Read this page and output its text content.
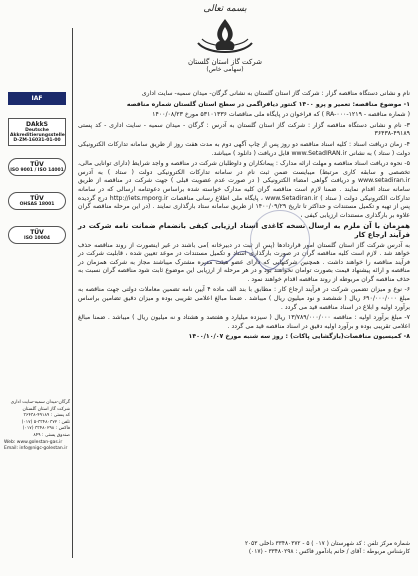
بسمه تعالی
شرکت گاز استان گلستان
(سهامی خاص)
IAF
DAkkS
Deutsche Akkreditierungsstelle D-ZM-16031-01-00
TÜV
ISO 9001 / ISO 14001
TÜV
OHSAS 18001
TÜV
ISO 10004
گرگان-میدان سمیه-سایت اداری
شرکت گاز استان گلستان
کد پستی : ۴۹۱۸۹-۳۶۴۳۸
تلفن : ۳۳۴۸۰۳۷۲-۵ (۰۱۷)
فاکس : ۳۳۴۸۰۲۹۸ (۰۱۷)
صندوق پستی : ۸۴۹
Web: www.golestan-gas.ir
Email: info@nigc-golestan.ir

نام و نشانی دستگاه مناقصه گزار : شرکت گاز استان گلستان به نشانی گرگان- میدان سمیه- سایت اداری

۱- موضوع مناقصه: تعمیر و پرو ۱۴۰۰ کنتور دیافراگمی در سطح استان گلستان شماره مناقصه

( شماره مناقصه - ۱۲۱۹-RA-۰۰۰ ) که فراخوان در پایگاه ملی مناقصات ۵۳۱۰۱۳۳۶ مورخ ۱۴۰۰/۰۸/۲۳

۳- نام و نشانی دستگاه مناقصه گزار : شرکت گاز استان گلستان به آدرس : گرگان - میدان سمیه - سایت اداری - کد پستی ۴۹۱۸۹-۳۶۴۳۸

۴- زمان دریافت اسناد : کلیه اسناد مناقصه دو روز پس از چاپ آگهی دوم به مدت هفت روز از طریق سامانه تدارکات الکترونیکی دولت ( ستاد ) به نشانی www.SetadIRAN.ir قابل دریافت ( دانلود ) میباشد.

۵- نحوه دریافت اسناد مناقصه و مهلت ارائه مدارک : پیمانکاران و داوطلبان شرکت در مناقصه و واجد شرایط (دارای توانایی مالی، تخصصی و سابقه کاری مرتبط) میبایست ضمن ثبت نام در سامانه تدارکات الکترونیکی دولت ( ستاد ) به آدرس www.setadiran.ir و دریافت گواهی امضاء الکترونیکی ( در صورت عدم عضویت قبلی ) جهت شرکت در مناقصه از طریق سامانه ستاد اقدام نمایند . ضمنا لازم است مناقصه گران کلیه مدارک خواسته شده براساس دعوتنامه ارسالی که در سامانه تدارکات الکترونیکی دولت ( ستاد ) www.Setadiran.ir ، پایگاه ملی اطلاع رسانی مناقصات http://iets.mporg.ir درج گردیده پس از تهیه و تکمیل مستندات و حداکثر تا تاریخ ۱۴۰۰/۰۹/۲۹ از طریق سامانه ستاد بارگذاری نمایند . (در این مرحله مناقصه گران علاوه بر بارگذاری مستندات ارزیابی کیفی ،

همزمان با آن ملزم به ارسال نسخه کاغذی اسناد ارزیابی کیفی بانضمام ضمانت نامه شرکت در فرآیند ارجاع کار

به آدرس شرکت گاز استان گلستان امور قراردادها (پس از ثبت در دبیرخانه )می باشند در غیر اینصورت از روند مناقصه حذف خواهد شد . لازم است کلیه مناقصه گران در صورت بارگذاری اسناد و تکمیل مستندات در موعد تعیین شده ، قابلیت شرکت در فرآیند مناقصه را خواهند داشت . همچنین شرکتهایی که دارای عضو هیئت مدیره مشترک میباشند مجاز به شرکت همزمان در مناقصه و ارائه پیشنهاد قیمت بصورت توامان نخواهند بود و در هر مرحله از ارزیابی این موضوع ثابت شود مناقصه گران نسبت به حذف مناقصه گران مربوطه از روند مناقصه اقدام خواهند نمود .

۶- نوع و میزان تضمین شرکت در فرآیند ارجاع کار : مطابق با بند الف ماده ۴ آیین نامه تضمین معاملات دولتی جهت مناقصه به مبلغ ۶۹۰/۰۰۰/۰۰۰ ریال ( ششصد و نود میلیون ریال ) میباشد . ضمنا مبالغ اعلامی تقریبی بوده و میزان دقیق تضامین براساس برآورد اولیه و ابلاغ در اسناد مناقصه قید می گردد .

۷- مبلغ برآورد اولیه : مناقصه ۱۳/۷۸۹/۰۰۰/۰۰۰ ریال ( سیزده میلیارد و هفتصد و هشتاد و نه میلیون ریال ) میباشد . ضمنا مبالغ اعلامی تقریبی بوده و برآورد اولیه دقیق در اسناد مناقصه قید می گردد .

۸- کمیسیون مناقصات(بازگشایی پاکات) : روز سه شنبه مورخ ۱۴۰۰/۱۰/۰۷

شماره مرکز تلفن : کد شهرستان ( ۰۱۷ ) ۵ - ۳۳۴۸۰۳۷۲ داخلی ۲۰۵۳
کارشناس مربوطه : آقای / خانم یادآمور فاکس : ۳۳۴۸۰۲۹۸ - (۰۱۷)
